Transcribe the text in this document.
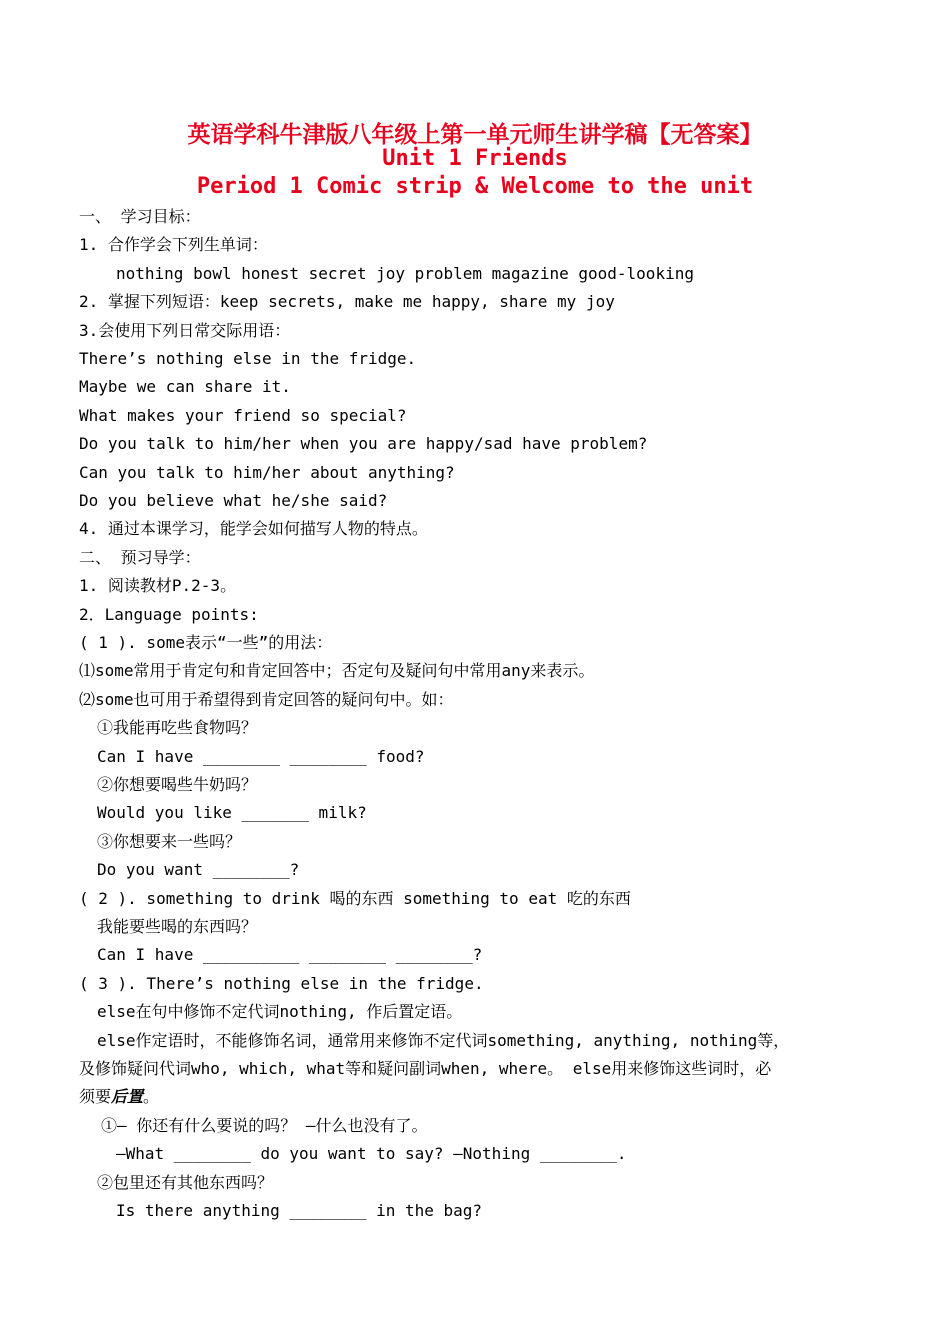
英语学科牛津版八年级上第一单元师生讲学稿【无答案】
Unit 1 Friends
Period 1 Comic strip & Welcome to the unit
一、 学习目标：
1. 合作学会下列生单词：
nothing bowl honest secret joy problem magazine good-looking
2. 掌握下列短语：keep secrets, make me happy, share my joy
3.会使用下列日常交际用语：
There’s nothing else in the fridge.
Maybe we can share it.
What makes your friend so special?
Do you talk to him/her when you are happy/sad have problem?
Can you talk to him/her about anything?
Do you believe what he/she said?
4. 通过本课学习，能学会如何描写人物的特点。
二、 预习导学：
1. 阅读教材P.2-3。
2．Language points:
( 1 ). some表示“一些”的用法：
⑴some常用于肯定句和肯定回答中；否定句及疑问句中常用any来表示。
⑵some也可用于希望得到肯定回答的疑问句中。如：
①我能再吃些食物吗？
Can I have ________ ________ food?
②你想要喝些牛奶吗？
Would you like _______ milk?
③你想要来一些吗？
Do you want ________?
( 2 ). something to drink 喝的东西 something to eat 吃的东西
我能要些喝的东西吗？
Can I have __________ ________ ________?
( 3 ). There’s nothing else in the fridge.
else在句中修饰不定代词nothing, 作后置定语。
else作定语时，不能修饰名词，通常用来修饰不定代词something, anything, nothing等，
及修饰疑问代词who, which, what等和疑问副词when, where。 else用来修饰这些词时，必
须要后置。
①— 你还有什么要说的吗？ —什么也没有了。
—What ________ do you want to say? —Nothing ________.
②包里还有其他东西吗？
Is there anything ________ in the bag?
